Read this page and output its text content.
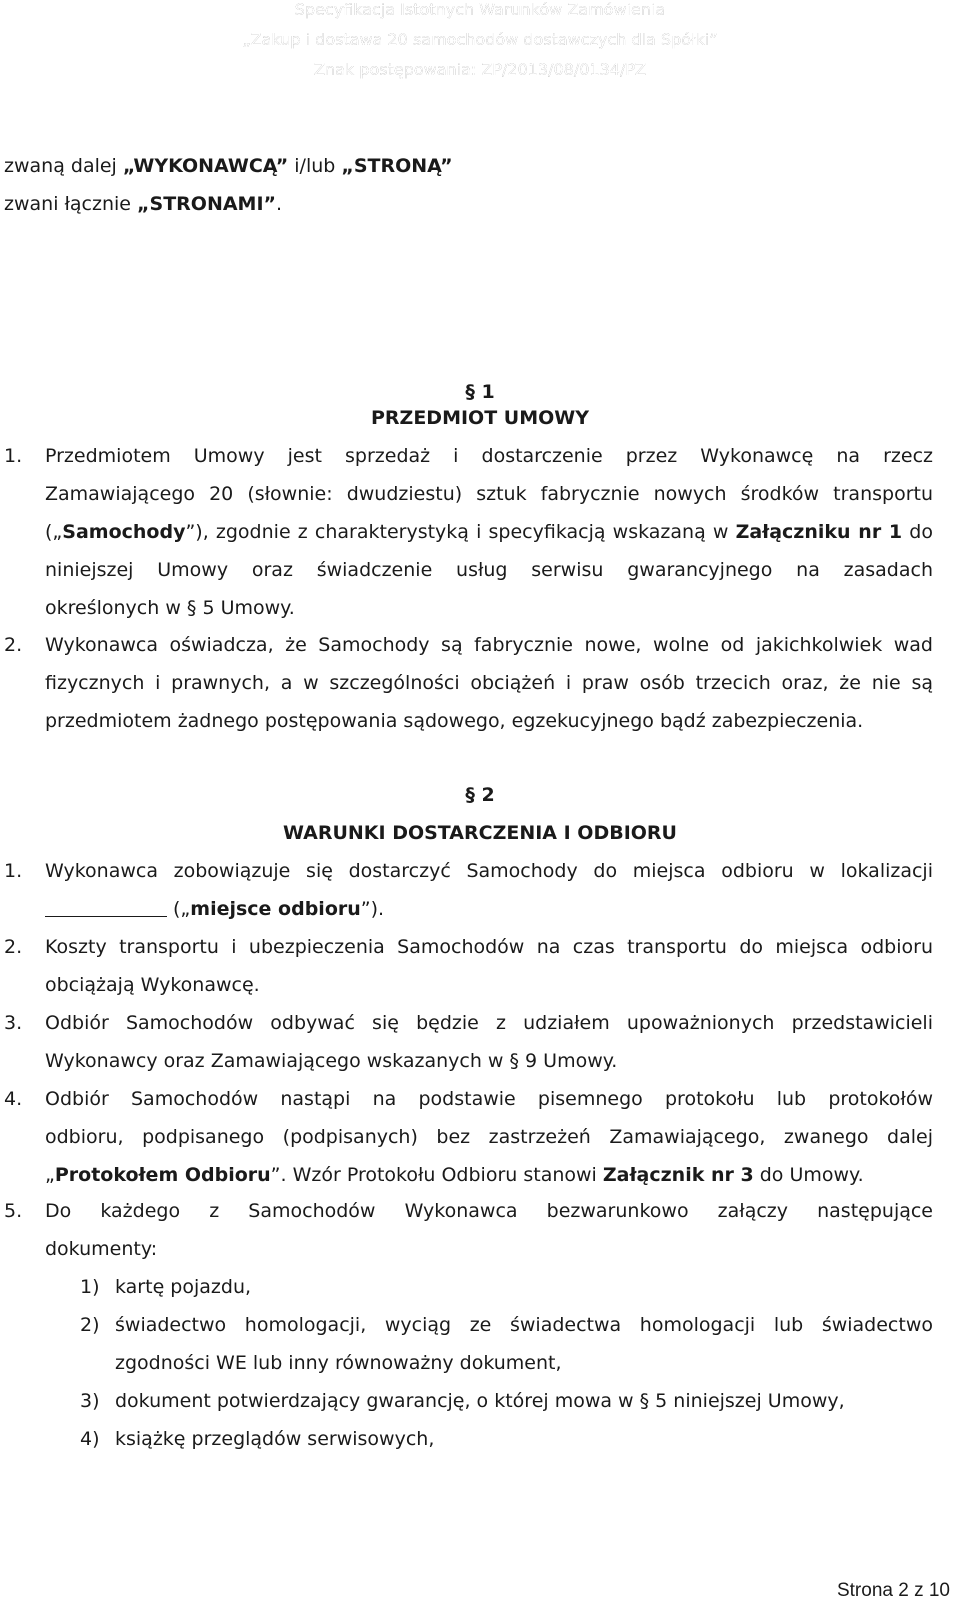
Specyfikacja Istotnych Warunków Zamówienia
„Zakup i dostawa 20 samochodów dostawczych dla Spółki”
Znak postępowania: ZP/2013/08/0134/PZ
zwaną dalej „WYKONAWCĄ” i/lub „STRONĄ”
zwani łącznie „STRONAMI”.
§ 1
PRZEDMIOT UMOWY
1. Przedmiotem Umowy jest sprzedaż i dostarczenie przez Wykonawcę na rzecz
Zamawiającego 20 (słownie: dwudziestu) sztuk fabrycznie nowych środków transportu
(„Samochody”), zgodnie z charakterystyką i specyfikacją wskazaną w Załączniku nr 1 do
niniejszej Umowy oraz świadczenie usług serwisu gwarancyjnego na zasadach
określonych w § 5 Umowy.
2. Wykonawca oświadcza, że Samochody są fabrycznie nowe, wolne od jakichkolwiek wad
fizycznych i prawnych, a w szczególności obciążeń i praw osób trzecich oraz, że nie są
przedmiotem żadnego postępowania sądowego, egzekucyjnego bądź zabezpieczenia.
§ 2
WARUNKI DOSTARCZENIA I ODBIORU
1. Wykonawca zobowiązuje się dostarczyć Samochody do miejsca odbioru w lokalizacji
(„miejsce odbioru”).
2. Koszty transportu i ubezpieczenia Samochodów na czas transportu do miejsca odbioru
obciążają Wykonawcę.
3. Odbiór Samochodów odbywać się będzie z udziałem upoważnionych przedstawicieli
Wykonawcy oraz Zamawiającego wskazanych w § 9 Umowy.
4. Odbiór Samochodów nastąpi na podstawie pisemnego protokołu lub protokołów
odbioru, podpisanego (podpisanych) bez zastrzeżeń Zamawiającego, zwanego dalej
„Protokołem Odbioru”. Wzór Protokołu Odbioru stanowi Załącznik nr 3 do Umowy.
5. Do każdego z Samochodów Wykonawca bezwarunkowo załączy następujące
dokumenty:
1) kartę pojazdu,
2) świadectwo homologacji, wyciąg ze świadectwa homologacji lub świadectwo
zgodności WE lub inny równoważny dokument,
3) dokument potwierdzający gwarancję, o której mowa w § 5 niniejszej Umowy,
4) książkę przeglądów serwisowych,
Strona 2 z 10
